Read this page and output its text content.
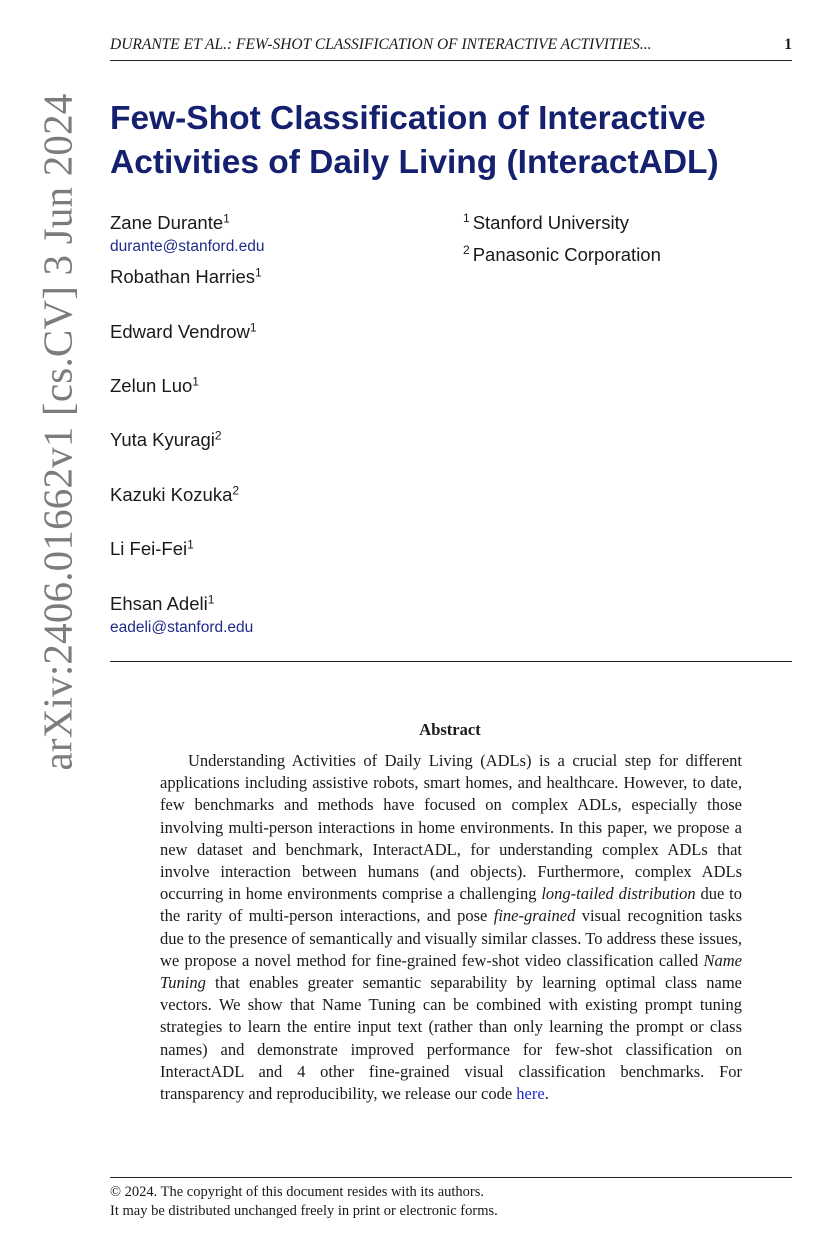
arXiv:2406.01662v1 [cs.CV] 3 Jun 2024
DURANTE ET AL.: FEW-SHOT CLASSIFICATION OF INTERACTIVE ACTIVITIES...	1
Few-Shot Classification of Interactive
Activities of Daily Living (InteractADL)
Zane Durante$^1$
durante@stanford.edu
Robathan Harries$^1$
Edward Vendrow$^1$
Zelun Luo$^1$
Yuta Kyuragi$^2$
Kazuki Kozuka$^2$
Li Fei-Fei$^1$
Ehsan Adeli$^1$
eadeli@stanford.edu
$^1$ Stanford University
$^2$ Panasonic Corporation
Abstract

Understanding Activities of Daily Living (ADLs) is a crucial step for different applications including assistive robots, smart homes, and healthcare. However, to date, few benchmarks and methods have focused on complex ADLs, especially those involving multi-person interactions in home environments. In this paper, we propose a new dataset and benchmark, InteractADL, for understanding complex ADLs that involve interaction between humans (and objects). Furthermore, complex ADLs occurring in home environments comprise a challenging long-tailed distribution due to the rarity of multi-person interactions, and pose fine-grained visual recognition tasks due to the presence of semantically and visually similar classes. To address these issues, we propose a novel method for fine-grained few-shot video classification called Name Tuning that enables greater semantic separability by learning optimal class name vectors. We show that Name Tuning can be combined with existing prompt tuning strategies to learn the entire input text (rather than only learning the prompt or class names) and demonstrate improved performance for few-shot classification on InteractADL and 4 other fine-grained visual classification benchmarks. For transparency and reproducibility, we release our code here.

© 2024. The copyright of this document resides with its authors.
It may be distributed unchanged freely in print or electronic forms.
